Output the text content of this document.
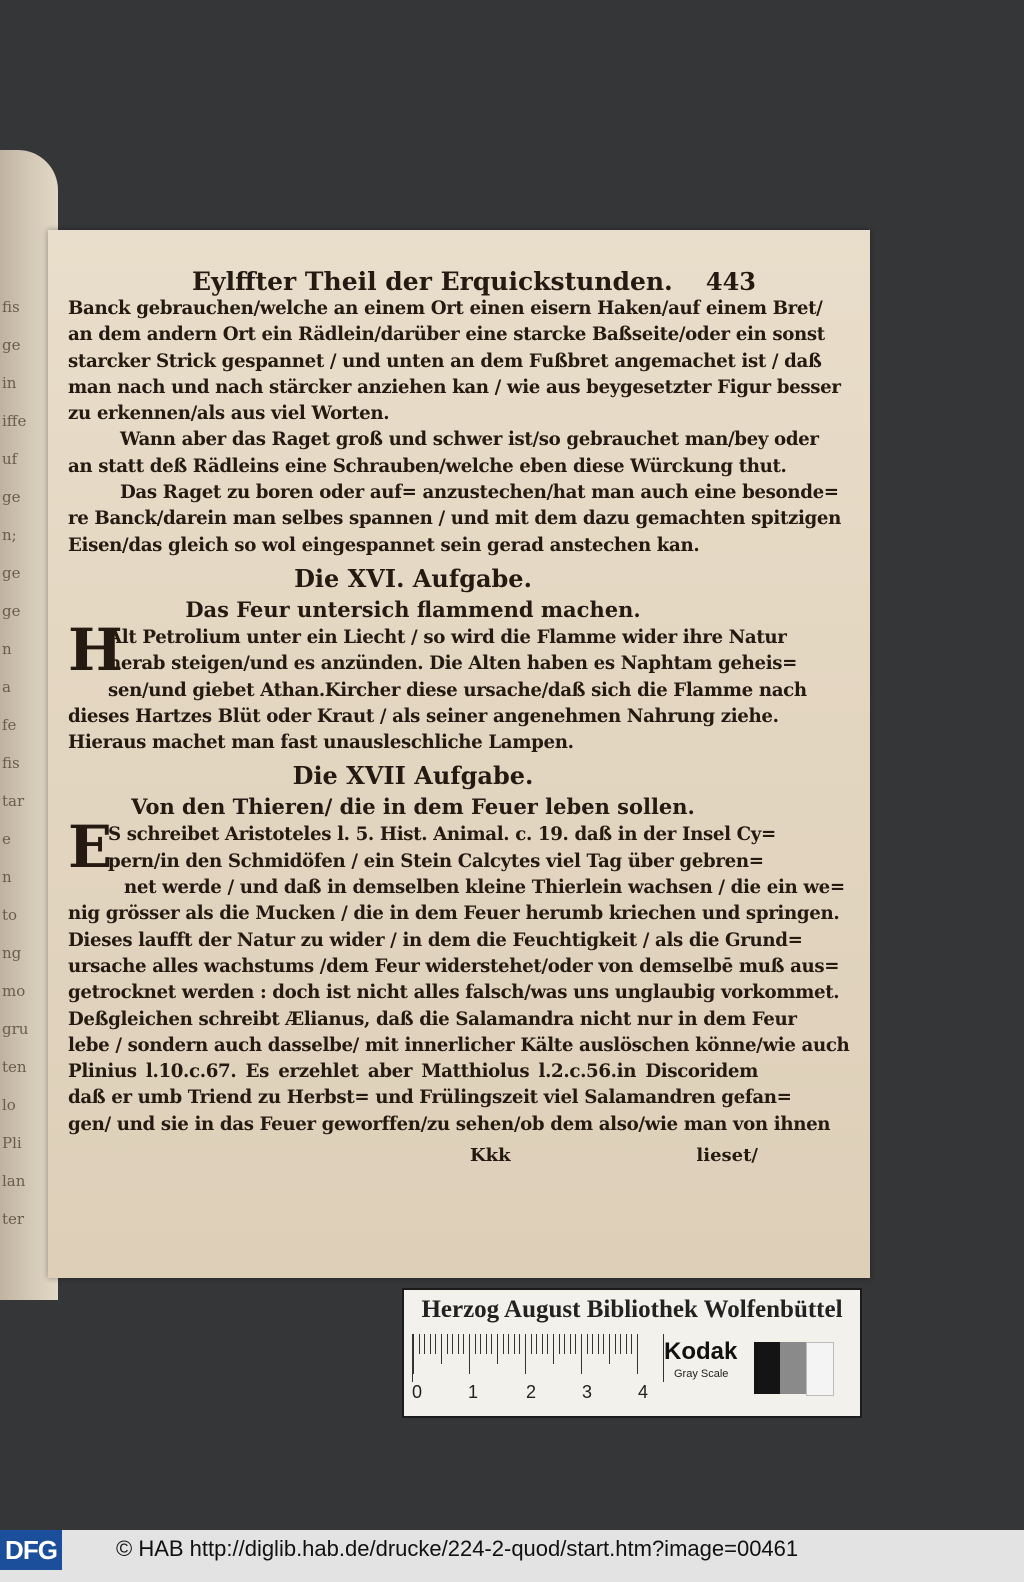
fis
ge
in
iffe
uf
ge
n;
ge
ge
n
a
fe
fis
tar
e
n
to
ng
mo
gru
ten
lo
Pli
lan
ter
Eylffter Theil der Erquickstunden. 443

Banck gebrauchen/welche an einem Ort einen eisern Haken/auf einem Bret/

an dem andern Ort ein Rädlein/darüber eine starcke Baßseite/oder ein sonst

starcker Strick gespannet / und unten an dem Fußbret angemachet ist / daß

man nach und nach stärcker anziehen kan / wie aus beygesetzter Figur besser

zu erkennen/als aus viel Worten.

Wann aber das Raget groß und schwer ist/so gebrauchet man/bey oder

an statt deß Rädleins eine Schrauben/welche eben diese Würckung thut.

Das Raget zu boren oder auf= anzustechen/hat man auch eine besonde=

re Banck/darein man selbes spannen / und mit dem dazu gemachten spitzigen

Eisen/das gleich so wol eingespannet sein gerad anstechen kan.

Die XVI. Aufgabe.
Das Feur untersich flammend machen.
H

Alt Petrolium unter ein Liecht / so wird die Flamme wider ihre Natur

herab steigen/und es anzünden. Die Alten haben es Naphtam geheis=

sen/und giebet Athan.Kircher diese ursache/daß sich die Flamme nach

dieses Hartzes Blüt oder Kraut / als seiner angenehmen Nahrung ziehe.

Hieraus machet man fast unausleschliche Lampen.

Die XVII Aufgabe.
Von den Thieren/ die in dem Feuer leben sollen.
E

S schreibet Aristoteles l. 5. Hist. Animal. c. 19. daß in der Insel Cy=

pern/in den Schmidöfen / ein Stein Calcytes viel Tag über gebren=

net werde / und daß in demselben kleine Thierlein wachsen / die ein we=

nig grösser als die Mucken / die in dem Feuer herumb kriechen und springen.

Dieses laufft der Natur zu wider / in dem die Feuchtigkeit / als die Grund=

ursache alles wachstums /dem Feur widerstehet/oder von demselbē muß aus=

getrocknet werden : doch ist nicht alles falsch/was uns unglaubig vorkommet.

Deßgleichen schreibt Ælianus, daß die Salamandra nicht nur in dem Feur

lebe / sondern auch dasselbe/ mit innerlicher Kälte auslöschen könne/wie auch

Plinius l.10.c.67. Es erzehlet aber Matthiolus l.2.c.56.in Discoridem

daß er umb Triend zu Herbst= und Frülingszeit viel Salamandren gefan=

gen/ und sie in das Feuer geworffen/zu sehen/ob dem also/wie man von ihnen

Kkk	lieset/
Herzog August Bibliothek Wolfenbüttel
0	1	2	3	4
Kodak
Gray Scale
DFG	© HAB http://diglib.hab.de/drucke/224-2-quod/start.htm?image=00461
